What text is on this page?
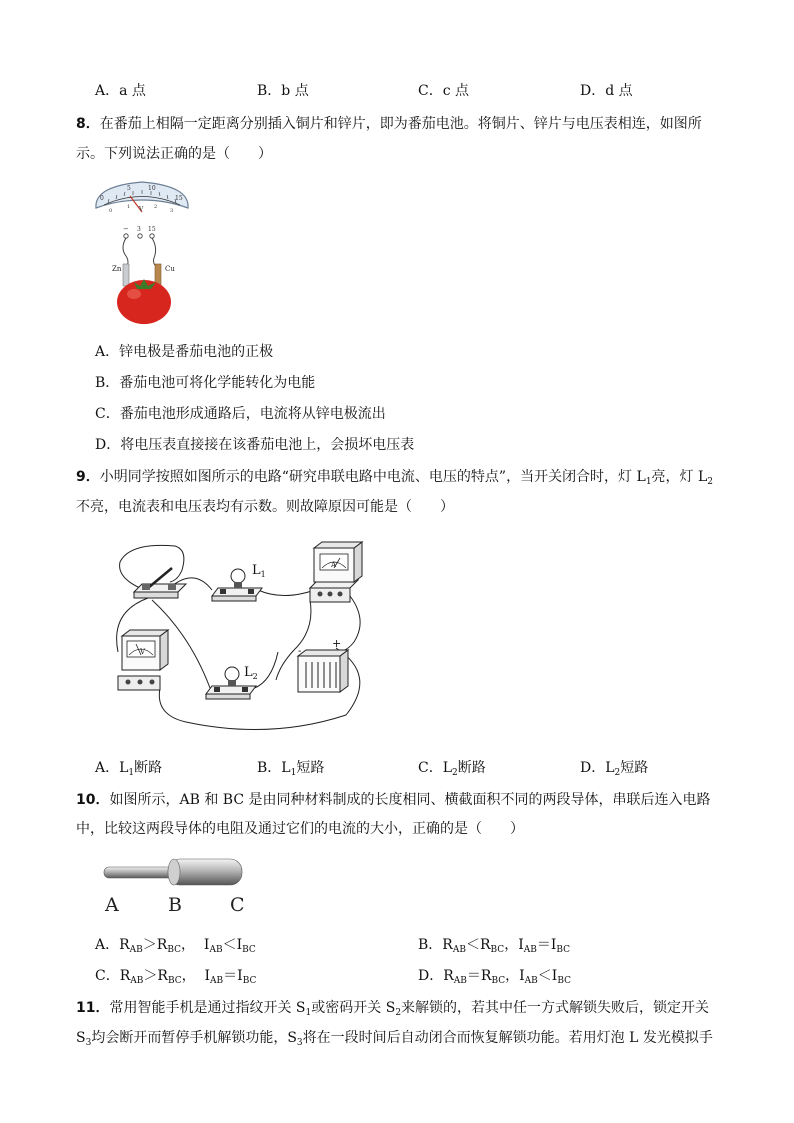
A．a 点	B．b 点	C．c 点	D．d 点
8．在番茄上相隔一定距离分别插入铜片和锌片，即为番茄电池。将铜片、锌片与电压表相连，如图所
示。下列说法正确的是（　　）
5	10
0	15
0
1	2
3
V
− 3 15
Zn	Cu
A．锌电极是番茄电池的正极
B．番茄电池可将化学能转化为电能
C．番茄电池形成通路后，电流将从锌电极流出
D．将电压表直接接在该番茄电池上，会损坏电压表
9．小明同学按照如图所示的电路“研究串联电路中电流、电压的特点”，当开关闭合时，灯 $L_1$亮，灯 $L_2$
不亮，电流表和电压表均有示数。则故障原因可能是（　　）
$L_1$
A
V
$L_2$
-
+
A．$L_1$断路	B．$L_1$短路	C．$L_2$断路	D．$L_2$短路
10．如图所示，AB 和 BC 是由同种材料制成的长度相同、横截面积不同的两段导体，串联后连入电路
中，比较这两段导体的电阻及通过它们的电流的大小，正确的是（　　）
A	B	C
A．$R_{AB}>R_{BC}$，  $I_{AB}<I_{BC}$	B．$R_{AB}<R_{BC}$，$I_{AB}=I_{BC}$
C．$R_{AB}>R_{BC}$，  $I_{AB}=I_{BC}$	D．$R_{AB}=R_{BC}$，$I_{AB}<I_{BC}$
11．常用智能手机是通过指纹开关 $S_1$或密码开关 $S_2$来解锁的，若其中任一方式解锁失败后，锁定开关
$S_3$均会断开而暂停手机解锁功能，$S_3$将在一段时间后自动闭合而恢复解锁功能。若用灯泡 L 发光模拟手
